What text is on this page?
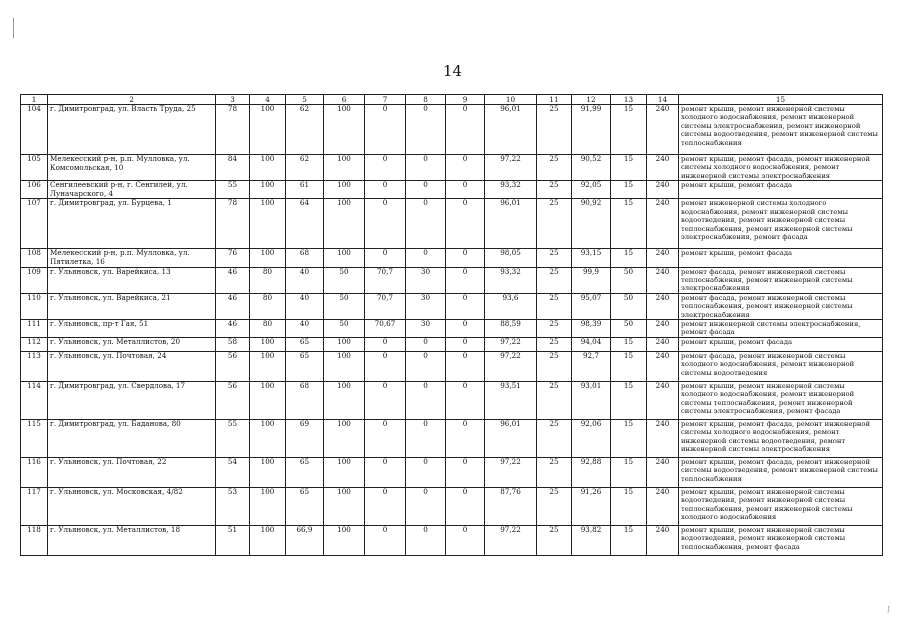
14
1	2	3	4	5	6	7	8	9	10	11	12	13	14	15
104	г. Димитровград, ул. Власть Труда, 25	78	100	62	100	0	0	0	96,01	25	91,99	15	240	ремонт крыши, ремонт инженерной системы холодного водоснабжения, ремонт инженерной системы электроснабжения, ремонт инженерной системы водоотведения, ремонт инженерной системы теплоснабжения
105	Мелекесский р-н, р.п. Мулловка, ул. Комсомольская, 10	84	100	62	100	0	0	0	97,22	25	90,52	15	240	ремонт крыши, ремонт фасада, ремонт инженерной системы холодного водоснабжения, ремонт инженерной системы электроснабжения
106	Сенгилеевский р-н, г. Сенгилей, ул. Луначарского, 4	55	100	61	100	0	0	0	93,32	25	92,05	15	240	ремонт крыши, ремонт фасада
107	г. Димитровград, ул. Бурцева, 1	78	100	64	100	0	0	0	96,01	25	90,92	15	240	ремонт инженерной системы холодного водоснабжения, ремонт инженерной системы водоотведения, ремонт инженерной системы теплоснабжения, ремонт инженерной системы электроснабжения, ремонт фасада
108	Мелекесский р-н, р.п. Мулловка, ул. Пятилетка, 16	76	100	68	100	0	0	0	98,05	25	93,15	15	240	ремонт крыши, ремонт фасада
109	г. Ульяновск, ул. Варейкиса, 13	46	80	40	50	70,7	30	0	93,32	25	99,9	50	240	ремонт фасада, ремонт инженерной системы теплоснабжения, ремонт инженерной системы электроснабжения
110	г. Ульяновск, ул. Варейкиса, 21	46	80	40	50	70,7	30	0	93,6	25	95,07	50	240	ремонт фасада, ремонт инженерной системы теплоснабжения, ремонт инженерной системы электроснабжения
111	г. Ульяновск, пр-т Гая, 51	46	80	40	50	70,67	30	0	88,59	25	98,39	50	240	ремонт инженерной системы электроснабжения, ремонт фасада
112	г. Ульяновск, ул. Металлистов, 20	58	100	65	100	0	0	0	97,22	25	94,04	15	240	ремонт крыши, ремонт фасада
113	г. Ульяновск, ул. Почтовая, 24	56	100	65	100	0	0	0	97,22	25	92,7	15	240	ремонт фасада, ремонт инженерной системы холодного водоснабжения, ремонт инженерной системы водоотведения
114	г. Димитровград, ул. Свердлова, 17	56	100	68	100	0	0	0	93,51	25	93,01	15	240	ремонт крыши, ремонт инженерной системы холодного водоснабжения, ремонт инженерной системы теплоснабжения, ремонт инженерной системы электроснабжения, ремонт фасада
115	г. Димитровград, ул. Баданова, 80	55	100	69	100	0	0	0	96,01	25	92,06	15	240	ремонт крыши, ремонт фасада, ремонт инженерной системы холодного водоснабжения, ремонт инженерной системы водоотведения, ремонт инженерной системы электроснабжения
116	г. Ульяновск, ул. Почтовая, 22	54	100	65	100	0	0	0	97,22	25	92,88	15	240	ремонт крыши, ремонт фасада, ремонт инженерной системы водоотведения, ремонт инженерной системы теплоснабжения
117	г. Ульяновск, ул. Московская, 4/82	53	100	65	100	0	0	0	87,76	25	91,26	15	240	ремонт крыши, ремонт инженерной системы водоотведения, ремонт инженерной системы теплоснабжения, ремонт инженерной системы холодного водоснабжения
118	г. Ульяновск, ул. Металлистов, 18	51	100	66,9	100	0	0	0	97,22	25	93,82	15	240	ремонт крыши, ремонт инженерной системы водоотведения, ремонт инженерной системы теплоснабжения, ремонт фасада
ʃ
